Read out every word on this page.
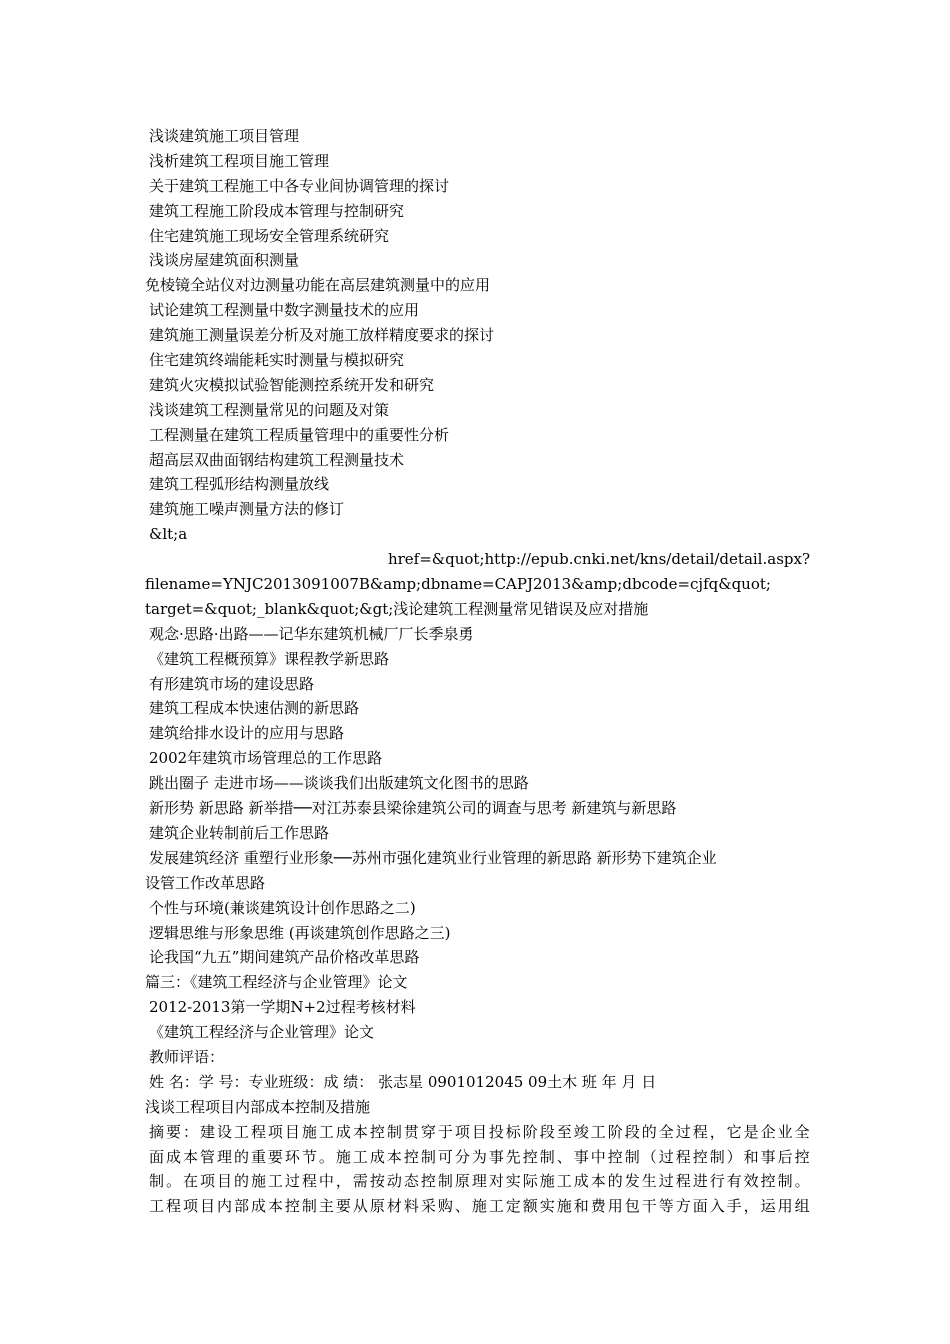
浅谈建筑施工项目管理
浅析建筑工程项目施工管理
关于建筑工程施工中各专业间协调管理的探讨
建筑工程施工阶段成本管理与控制研究
住宅建筑施工现场安全管理系统研究
浅谈房屋建筑面积测量
免棱镜全站仪对边测量功能在高层建筑测量中的应用
试论建筑工程测量中数字测量技术的应用
建筑施工测量误差分析及对施工放样精度要求的探讨
住宅建筑终端能耗实时测量与模拟研究
建筑火灾模拟试验智能测控系统开发和研究
浅谈建筑工程测量常见的问题及对策
工程测量在建筑工程质量管理中的重要性分析
超高层双曲面钢结构建筑工程测量技术
建筑工程弧形结构测量放线
建筑施工噪声测量方法的修订
&lt;a
href=&quot;http://epub.cnki.net/kns/detail/detail.aspx?
filename=YNJC2013091007B&amp;dbname=CAPJ2013&amp;dbcode=cjfq&quot;
target=&quot;_blank&quot;&gt;浅论建筑工程测量常见错误及应对措施
观念·思路·出路——记华东建筑机械厂厂长季泉勇
《建筑工程概预算》课程教学新思路
有形建筑市场的建设思路
建筑工程成本快速估测的新思路
建筑给排水设计的应用与思路
2002年建筑市场管理总的工作思路
跳出圈子 走进市场——谈谈我们出版建筑文化图书的思路
新形势 新思路 新举措──对江苏泰县梁徐建筑公司的调查与思考 新建筑与新思路
建筑企业转制前后工作思路
发展建筑经济 重塑行业形象──苏州市强化建筑业行业管理的新思路 新形势下建筑企业
设管工作改革思路
个性与环境(兼谈建筑设计创作思路之二)
逻辑思维与形象思维 (再谈建筑创作思路之三)
论我国“九五”期间建筑产品价格改革思路
篇三：《建筑工程经济与企业管理》论文
2012-2013第一学期N+2过程考核材料
《建筑工程经济与企业管理》论文
教师评语：
姓 名：学 号：专业班级：成 绩： 张志星 0901012045 09土木 班 年 月 日
浅谈工程项目内部成本控制及措施
摘要：建设工程项目施工成本控制贯穿于项目投标阶段至竣工阶段的全过程，它是企业全
面成本管理的重要环节。施工成本控制可分为事先控制、事中控制（过程控制）和事后控
制。在项目的施工过程中，需按动态控制原理对实际施工成本的发生过程进行有效控制。
工程项目内部成本控制主要从原材料采购、施工定额实施和费用包干等方面入手，运用组
